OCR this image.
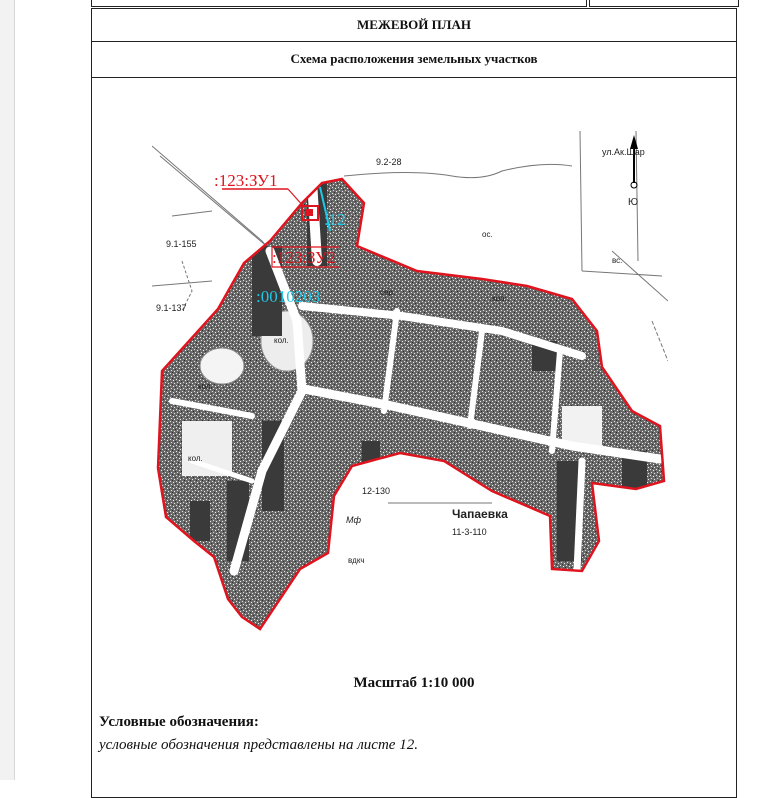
МЕЖЕВОЙ ПЛАН
Схема расположения земельных участков
:123:ЗУ1
:123:ЗУ2
:12
:0010203
9.2-28
9.1-155
9.1-137
12-130
Чапаевка
11-3-110
ул.Ак.Шар
Ю
кол.
кол.
кол.
кол.
Мф
вдкч
ос.
вс.
сер.
Масштаб 1:10 000
Условные обозначения:
условные обозначения представлены на листе 12.
